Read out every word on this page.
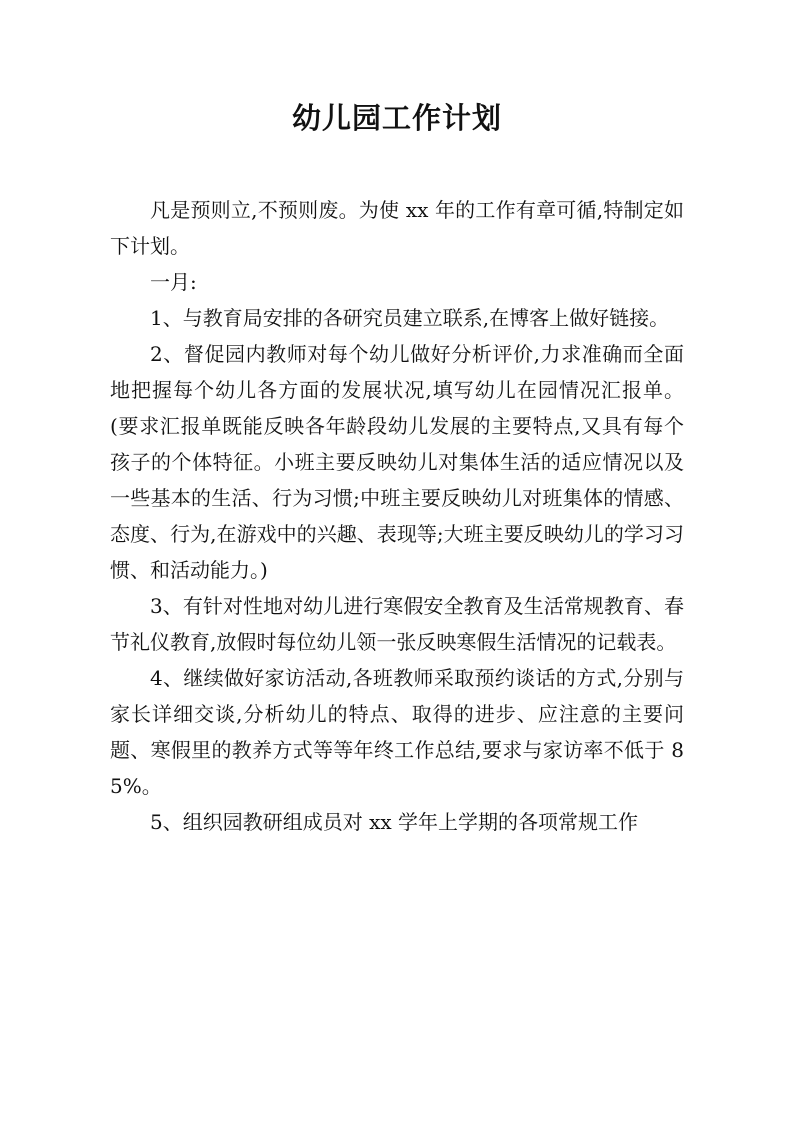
幼儿园工作计划

凡是预则立,不预则废。为使 xx 年的工作有章可循,特制定如下计划。

一月:

1、与教育局安排的各研究员建立联系,在博客上做好链接。

2、督促园内教师对每个幼儿做好分析评价,力求准确而全面地把握每个幼儿各方面的发展状况,填写幼儿在园情况汇报单。(要求汇报单既能反映各年龄段幼儿发展的主要特点,又具有每个孩子的个体特征。小班主要反映幼儿对集体生活的适应情况以及一些基本的生活、行为习惯;中班主要反映幼儿对班集体的情感、态度、行为,在游戏中的兴趣、表现等;大班主要反映幼儿的学习习惯、和活动能力。)

3、有针对性地对幼儿进行寒假安全教育及生活常规教育、春节礼仪教育,放假时每位幼儿领一张反映寒假生活情况的记载表。

4、继续做好家访活动,各班教师采取预约谈话的方式,分别与家长详细交谈,分析幼儿的特点、取得的进步、应注意的主要问题、寒假里的教养方式等等年终工作总结,要求与家访率不低于 85%。

5、组织园教研组成员对 xx 学年上学期的各项常规工作
